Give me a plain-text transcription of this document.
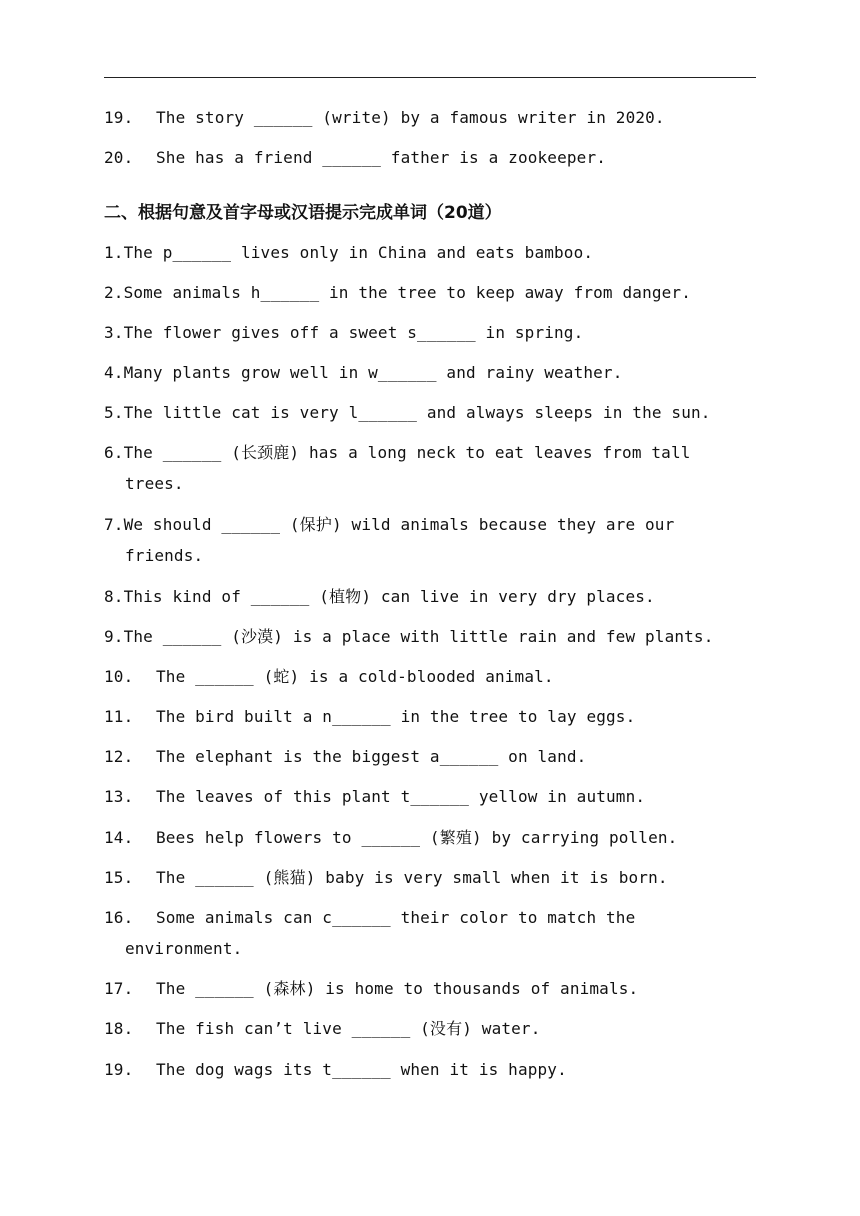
19. The story ______ (write) by a famous writer in 2020.
20. She has a friend ______ father is a zookeeper.
二、根据句意及首字母或汉语提示完成单词（20道）
1.The p______ lives only in China and eats bamboo.
2.Some animals h______ in the tree to keep away from danger.
3.The flower gives off a sweet s______ in spring.
4.Many plants grow well in w______ and rainy weather.
5.The little cat is very l______ and always sleeps in the sun.
6.The ______ (长颈鹿) has a long neck to eat leaves from tall
trees.
7.We should ______ (保护) wild animals because they are our
friends.
8.This kind of ______ (植物) can live in very dry places.
9.The ______ (沙漠) is a place with little rain and few plants.
10. The ______ (蛇) is a cold-blooded animal.
11. The bird built a n______ in the tree to lay eggs.
12. The elephant is the biggest a______ on land.
13. The leaves of this plant t______ yellow in autumn.
14. Bees help flowers to ______ (繁殖) by carrying pollen.
15. The ______ (熊猫) baby is very small when it is born.
16. Some animals can c______ their color to match the
environment.
17. The ______ (森林) is home to thousands of animals.
18. The fish can’t live ______ (没有) water.
19. The dog wags its t______ when it is happy.
